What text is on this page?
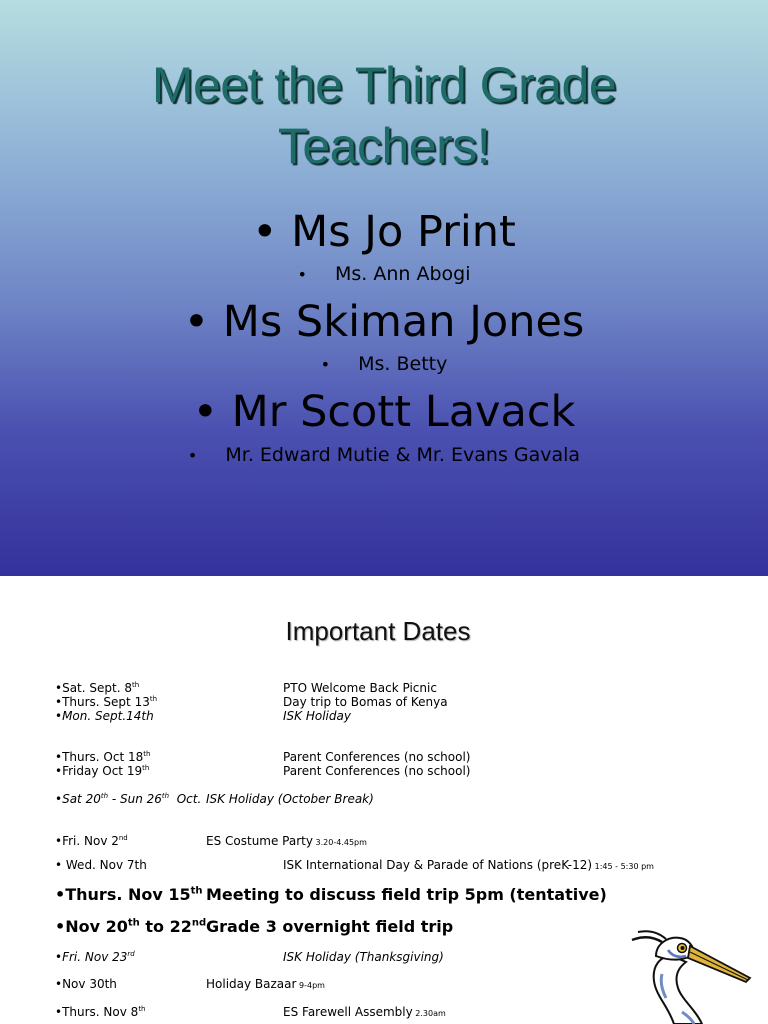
Meet the Third Grade
Teachers!
• Ms Jo Print
• Ms. Ann Abogi
• Ms Skiman Jones
• Ms. Betty
• Mr Scott Lavack
• Mr. Edward Mutie & Mr. Evans Gavala
Important Dates
•Sat. Sept. 8th	PTO Welcome Back Picnic
•Thurs. Sept 13th	Day trip to Bomas of Kenya
•Mon. Sept.14th	ISK Holiday
•Thurs. Oct 18th	Parent Conferences (no school)
•Friday Oct 19th	Parent Conferences (no school)
•Sat 20th - Sun 26th  Oct. ISK Holiday (October Break)
•Fri. Nov 2nd	ES Costume Party 3.20-4.45pm
• Wed. Nov 7th	ISK International Day & Parade of Nations (preK-12) 1:45 - 5:30 pm
•Thurs. Nov 15th Meeting to discuss field trip 5pm (tentative)
•Nov 20th to 22nd Grade 3 overnight field trip
•Fri. Nov 23rd	ISK Holiday (Thanksgiving)
•Nov 30th	Holiday Bazaar 9-4pm
•Thurs. Nov 8th	ES Farewell Assembly 2.30am
